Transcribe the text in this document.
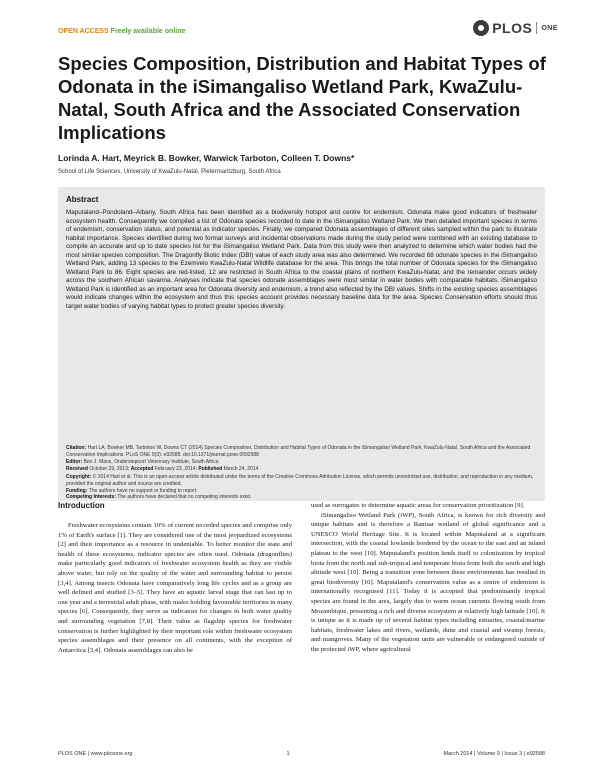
OPEN ACCESS Freely available online	PLOS ONE
Species Composition, Distribution and Habitat Types of Odonata in the iSimangaliso Wetland Park, KwaZulu-Natal, South Africa and the Associated Conservation Implications
Lorinda A. Hart, Meyrick B. Bowker, Warwick Tarboton, Colleen T. Downs*
School of Life Sciences, University of KwaZulu-Natal, Pietermaritzburg, South Africa
Abstract
Maputaland–Pondoland–Albany, South Africa has been identified as a biodiversity hotspot and centre for endemism. Odonata make good indicators of freshwater ecosystem health. Consequently we compiled a list of Odonata species recorded to date in the iSimangaliso Wetland Park. We then detailed important species in terms of endemism, conservation status, and potential as indicator species. Finally, we compared Odonata assemblages of different sites sampled within the park to illustrate habitat importance. Species identified during two formal surveys and incidental observations made during the study period were combined with an existing database to compile an accurate and up to date species list for the iSimangaliso Wetland Park. Data from this study were then analyzed to determine which water bodies had the most similar species composition. The Dragonfly Biotic Index (DBI) value of each study area was also determined. We recorded 68 odonate species in the iSimangaliso Wetland Park, adding 13 species to the Ezemvelo KwaZulu-Natal Wildlife database for the area. This brings the total number of Odonata species for the iSimangaliso Wetland Park to 86. Eight species are red-listed, 12 are restricted in South Africa to the coastal plains of northern KwaZulu-Natal, and the remainder occurs widely across the southern African savanna. Analyses indicate that species odonate assemblages were most similar in water bodies with comparable habitats. iSimangaliso Wetland Park is identified as an important area for Odonata diversity and endemism, a trend also reflected by the DBI values. Shifts in the existing species assemblages would indicate changes within the ecosystem and thus this species account provides necessary baseline data for the area. Species Conservation efforts should thus target water bodies of varying habitat types to protect greater species diversity.
Citation: Hart LA, Bowker MB, Tarboton W, Downs CT (2014) Species Composition, Distribution and Habitat Types of Odonata in the iSimangaliso Wetland Park, KwaZulu-Natal, South Africa and the Associated Conservation Implications. PLoS ONE 9(3): e92588. doi:10.1371/journal.pone.0092588
Editor: Ben J. Mans, Onderstepoort Veterinary Institute, South Africa
Received October 29, 2013; Accepted February 23, 2014; Published March 24, 2014
Copyright: © 2014 Hart et al. This is an open-access article distributed under the terms of the Creative Commons Attribution License, which permits unrestricted use, distribution, and reproduction in any medium, provided the original author and source are credited.
Funding: The authors have no support or funding to report.
Competing Interests: The authors have declared that no competing interests exist.
Introduction

Freshwater ecosystems contain 10% of current recorded species and comprise only 1% of Earth's surface [1]. They are considered one of the most jeopardized ecosystems [2] and their importance as a resource in undeniable. To better monitor the state and health of these ecosystems, indicator species are often used. Odonata (dragonflies) make particularly good indicators of freshwater ecosystem health as they are visible above water, but rely on the quality of the water and surrounding habitat to persist [3,4]. Among insects Odonata have comparatively long life cycles and as a group are well defined and studied [3–5]. They have an aquatic larval stage that can last up to one year and a terrestrial adult phase, with males holding favourable territories in many species [6]. Consequently, they serve as indicators for changes in both water quality and surrounding vegetation [7,8]. Their value as flagship species for freshwater conservation is further highlighted by their important role within freshwater ecosystem species assemblages and their presence on all continents, with the exception of Antarctica [3,4]. Odonata assemblages can also be

used as surrogates to determine aquatic areas for conservation prioritization [9].

iSimangaliso Wetland Park (iWP), South Africa, is known for rich diversity and unique habitats and is therefore a Ramsar wetland of global significance and a UNESCO World Heritage Site. It is located within Maputaland at a significant intersection, with the coastal lowlands bordered by the ocean to the east and an inland plateau to the west [10]. Maputaland's position lends itself to colonization by tropical biota from the north and sub-tropical and temperate biota from both the south and high altitude west [10]. Being a transition zone between these environments has resulted in great biodiversity [10]. Maputaland's conservation value as a centre of endemism is internationally recognised [11]. Today it is accepted that predominantly tropical species are found in the area, largely due to warm ocean currents flowing south from Mozambique, presenting a rich and diverse ecosystem at relatively high latitude [10]. It is unique as it is made up of several habitat types including estuaries, coastal/marine habitats, freshwater lakes and rivers, wetlands, dune and coastal and swamp forests, and mangroves. Many of the vegetation units are vulnerable or endangered outside of the protected iWP, where agricultural

PLOS ONE | www.plosone.org	1	March 2014 | Volume 9 | Issue 3 | e92588
